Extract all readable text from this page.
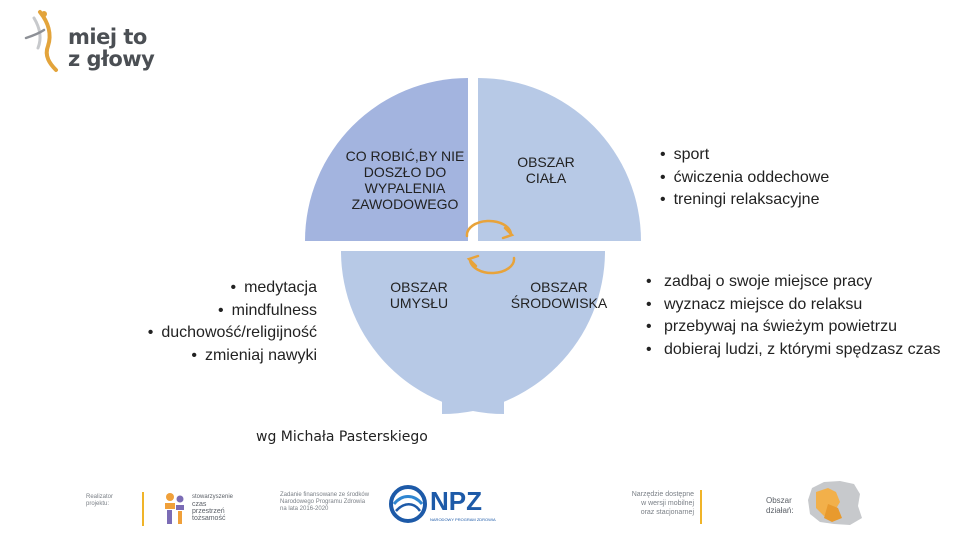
miej to
z głowy
CO ROBIĆ,BY NIE DOSZŁO DO WYPALENIA ZAWODOWEGO
OBSZAR CIAŁA
OBSZAR UMYSŁU
OBSZAR ŚRODOWISKA
• medytacja
• mindfulness
• duchowość/religijność
• zmieniaj nawyki
• sport
• ćwiczenia oddechowe
• treningi relaksacyjne
• zadbaj o swoje miejsce pracy
• wyznacz miejsce do relaksu
• przebywaj na świeżym powietrzu
• dobieraj ludzi, z którymi spędzasz czas
wg Michała Pasterskiego
Realizator
projektu:
stowarzyszenie
czas
przestrzeń
tożsamość
Zadanie finansowane ze środków
Narodowego Programu Zdrowia
na lata 2016-2020	NPZ
NARODOWY PROGRAM ZDROWIA
Narzędzie dostępne
w wersji mobilnej
oraz stacjonarnej
Obszar
działań:
